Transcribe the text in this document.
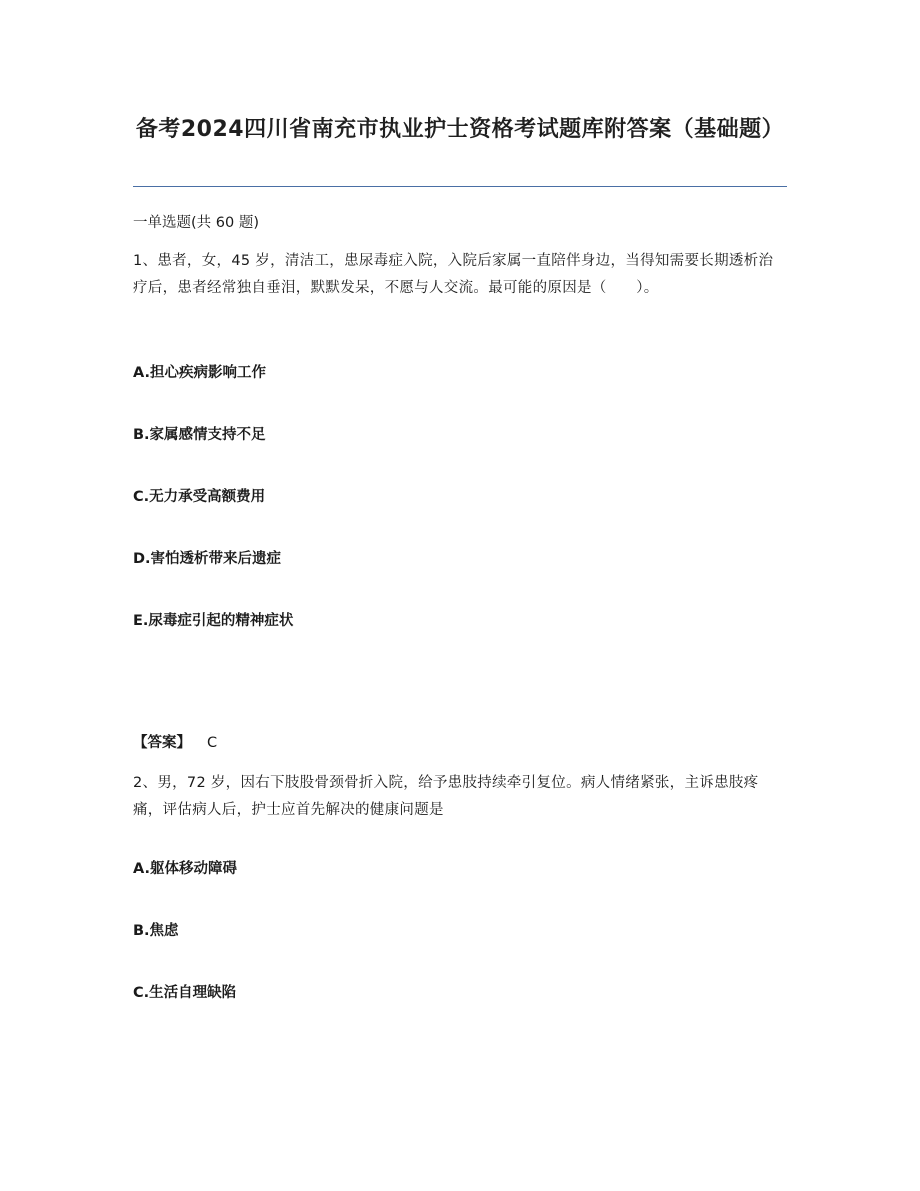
备考2024四川省南充市执业护士资格考试题库附答案（基础题）
一单选题(共 60 题)
1、患者，女，45 岁，清洁工，患尿毒症入院，入院后家属一直陪伴身边，当得知需要长期透析治疗后，患者经常独自垂泪，默默发呆，不愿与人交流。最可能的原因是（　　）。
A.担心疾病影响工作
B.家属感情支持不足
C.无力承受高额费用
D.害怕透析带来后遗症
E.尿毒症引起的精神症状
【答案】 C
2、男，72 岁，因右下肢股骨颈骨折入院，给予患肢持续牵引复位。病人情绪紧张，主诉患肢疼痛，评估病人后，护士应首先解决的健康问题是
A.躯体移动障碍
B.焦虑
C.生活自理缺陷
